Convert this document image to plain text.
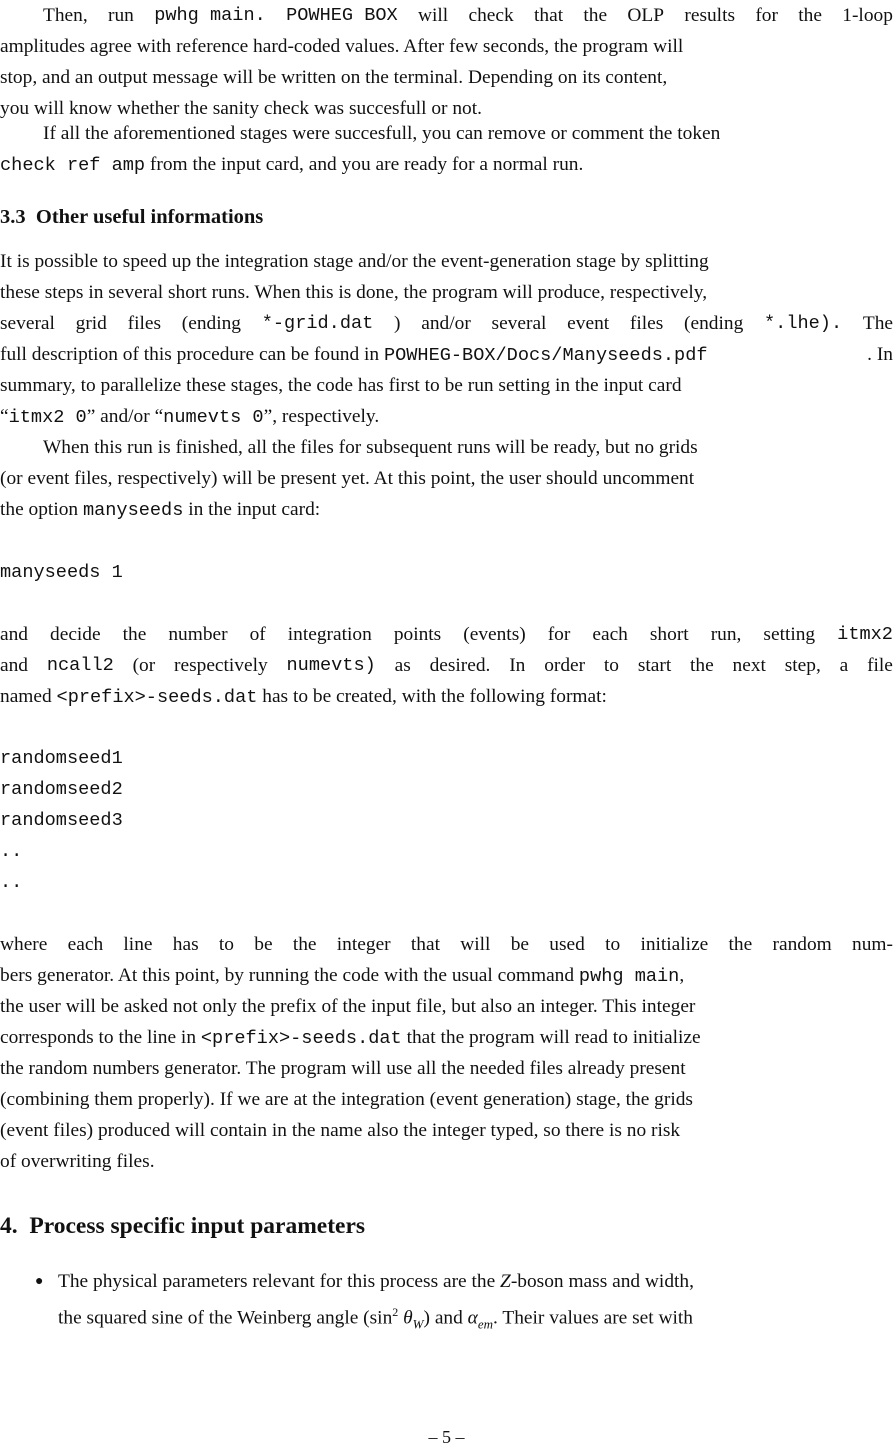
Then, run pwhg main. POWHEG BOX will check that the OLP results for the 1-loop
amplitudes agree with reference hard-coded values. After few seconds, the program will
stop, and an output message will be written on the terminal. Depending on its content,
you will know whether the sanity check was succesfull or not.
If all the aforementioned stages were succesfull, you can remove or comment the token
check ref amp from the input card, and you are ready for a normal run.
3.3 Other useful informations
It is possible to speed up the integration stage and/or the event-generation stage by splitting
these steps in several short runs. When this is done, the program will produce, respectively,
several grid files (ending *-grid.dat ) and/or several event files (ending *.lhe). The
full description of this procedure can be found in POWHEG-BOX/Docs/Manyseeds.pdf	. In
summary, to parallelize these stages, the code has first to be run setting in the input card
“itmx2 0” and/or “numevts 0”, respectively.
When this run is finished, all the files for subsequent runs will be ready, but no grids
(or event files, respectively) will be present yet. At this point, the user should uncomment
the option manyseeds in the input card:
manyseeds 1
and decide the number of integration points (events) for each short run, setting itmx2
and ncall2 (or respectively numevts) as desired. In order to start the next step, a file
named <prefix>-seeds.dat has to be created, with the following format:
randomseed1
randomseed2
randomseed3
..
..
where each line has to be the integer that will be used to initialize the random num-
bers generator. At this point, by running the code with the usual command pwhg main,
the user will be asked not only the prefix of the input file, but also an integer. This integer
corresponds to the line in <prefix>-seeds.dat that the program will read to initialize
the random numbers generator. The program will use all the needed files already present
(combining them properly). If we are at the integration (event generation) stage, the grids
(event files) produced will contain in the name also the integer typed, so there is no risk
of overwriting files.
4. Process specific input parameters
● The physical parameters relevant for this process are the Z-boson mass and width,
the squared sine of the Weinberg angle ($\sin^2$ $\theta_W$) and $\alpha_{em}$. Their values are set with
– 5 –
